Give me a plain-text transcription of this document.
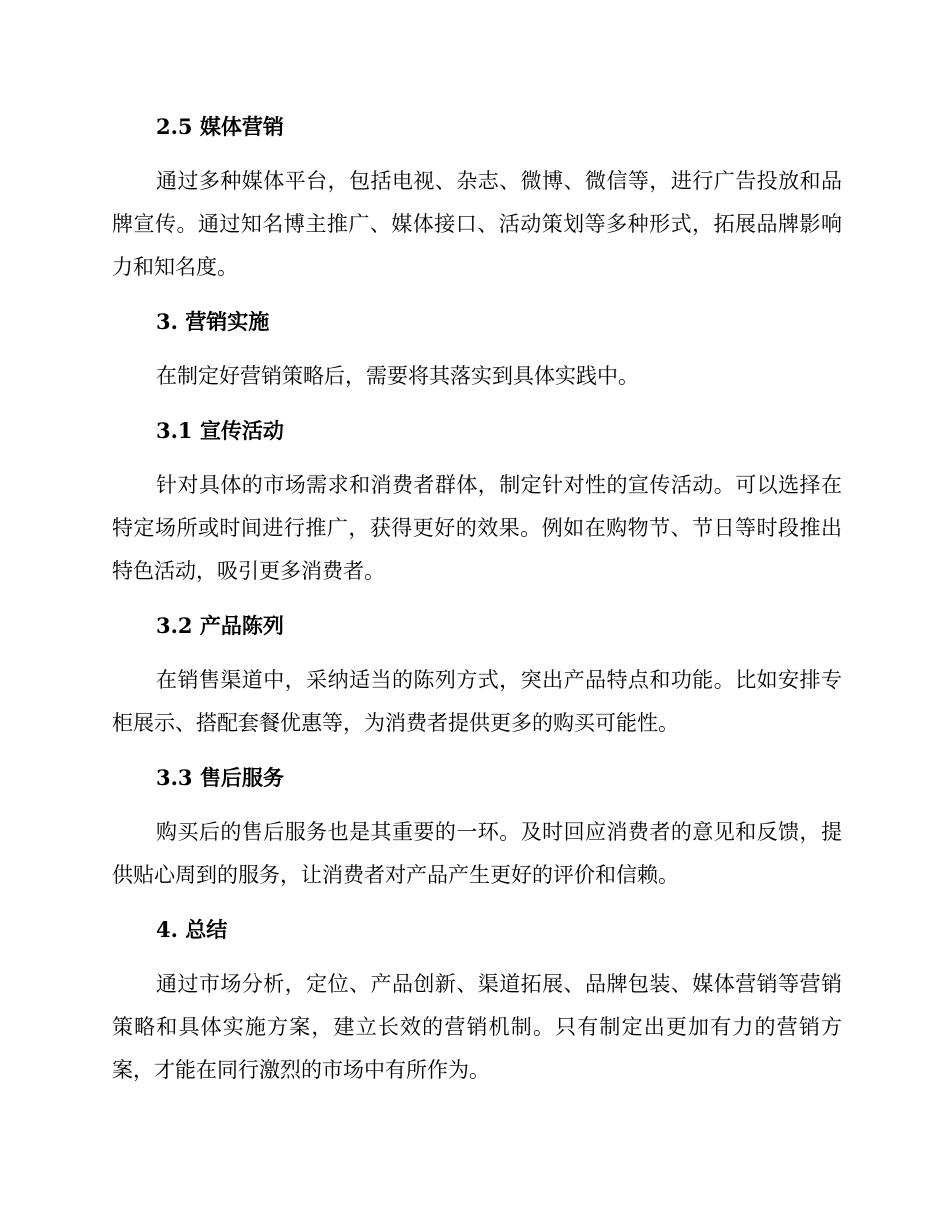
2.5 媒体营销

通过多种媒体平台，包括电视、杂志、微博、微信等，进行广告投放和品牌宣传。通过知名博主推广、媒体接口、活动策划等多种形式，拓展品牌影响力和知名度。

3. 营销实施

在制定好营销策略后，需要将其落实到具体实践中。

3.1 宣传活动

针对具体的市场需求和消费者群体，制定针对性的宣传活动。可以选择在特定场所或时间进行推广，获得更好的效果。例如在购物节、节日等时段推出特色活动，吸引更多消费者。

3.2 产品陈列

在销售渠道中，采纳适当的陈列方式，突出产品特点和功能。比如安排专柜展示、搭配套餐优惠等，为消费者提供更多的购买可能性。

3.3 售后服务

购买后的售后服务也是其重要的一环。及时回应消费者的意见和反馈，提供贴心周到的服务，让消费者对产品产生更好的评价和信赖。

4. 总结

通过市场分析，定位、产品创新、渠道拓展、品牌包装、媒体营销等营销策略和具体实施方案，建立长效的营销机制。只有制定出更加有力的营销方案，才能在同行激烈的市场中有所作为。
